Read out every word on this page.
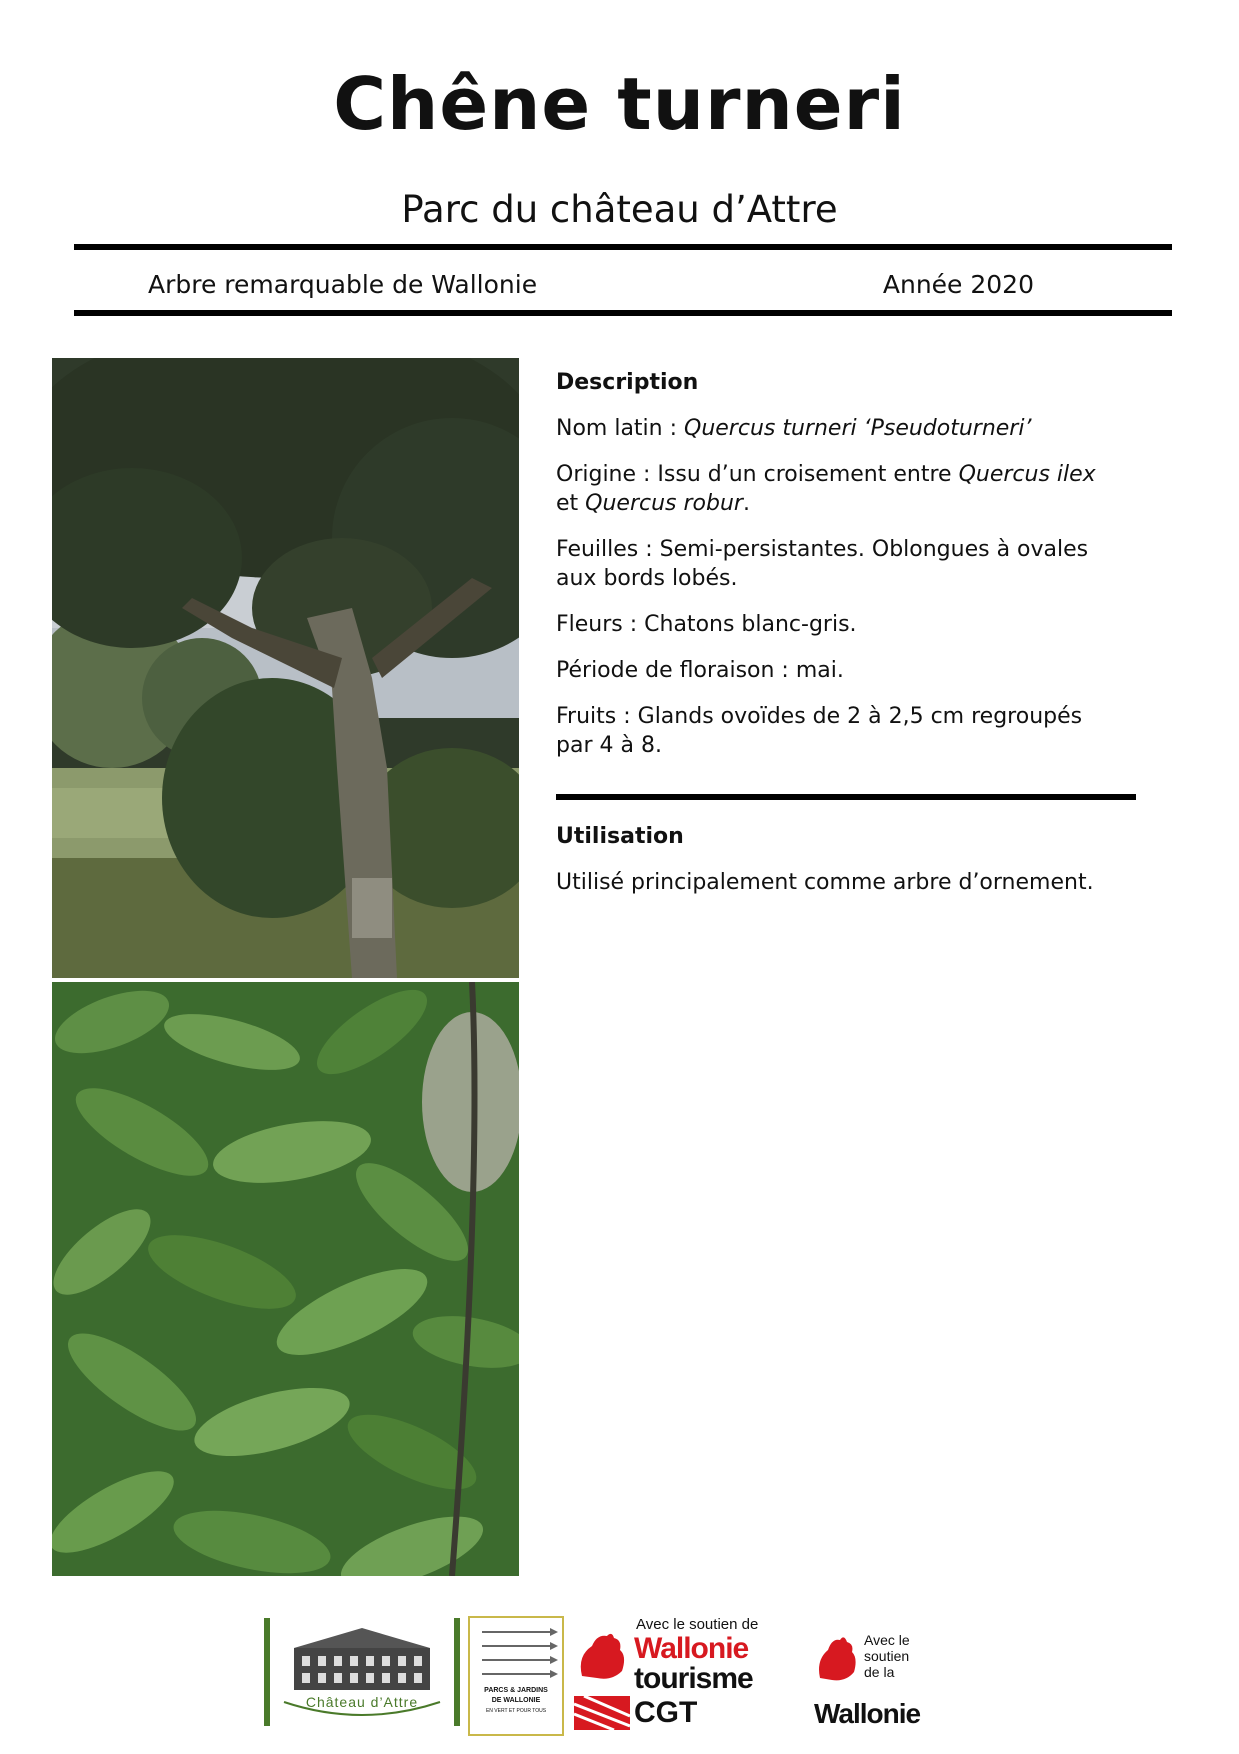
Chêne turneri
Parc du château d’Attre
Arbre remarquable de Wallonie	Année 2020

Description

Nom latin : Quercus turneri ‘Pseudoturneri’

Origine : Issu d’un croisement entre Quercus ilex et Quercus robur.

Feuilles : Semi-persistantes. Oblongues à ovales aux bords lobés.

Fleurs : Chatons blanc-gris.

Période de floraison : mai.

Fruits : Glands ovoïdes de 2 à 2,5 cm regroupés par 4 à 8.

Utilisation

Utilisé principalement comme arbre d’ornement.

Château d’Attre
PARCS & JARDINS
DE WALLONIE
EN VERT ET POUR TOUS
Avec le soutien de
Wallonie
tourisme
CGT
Avec le
soutien
de la
Wallonie
